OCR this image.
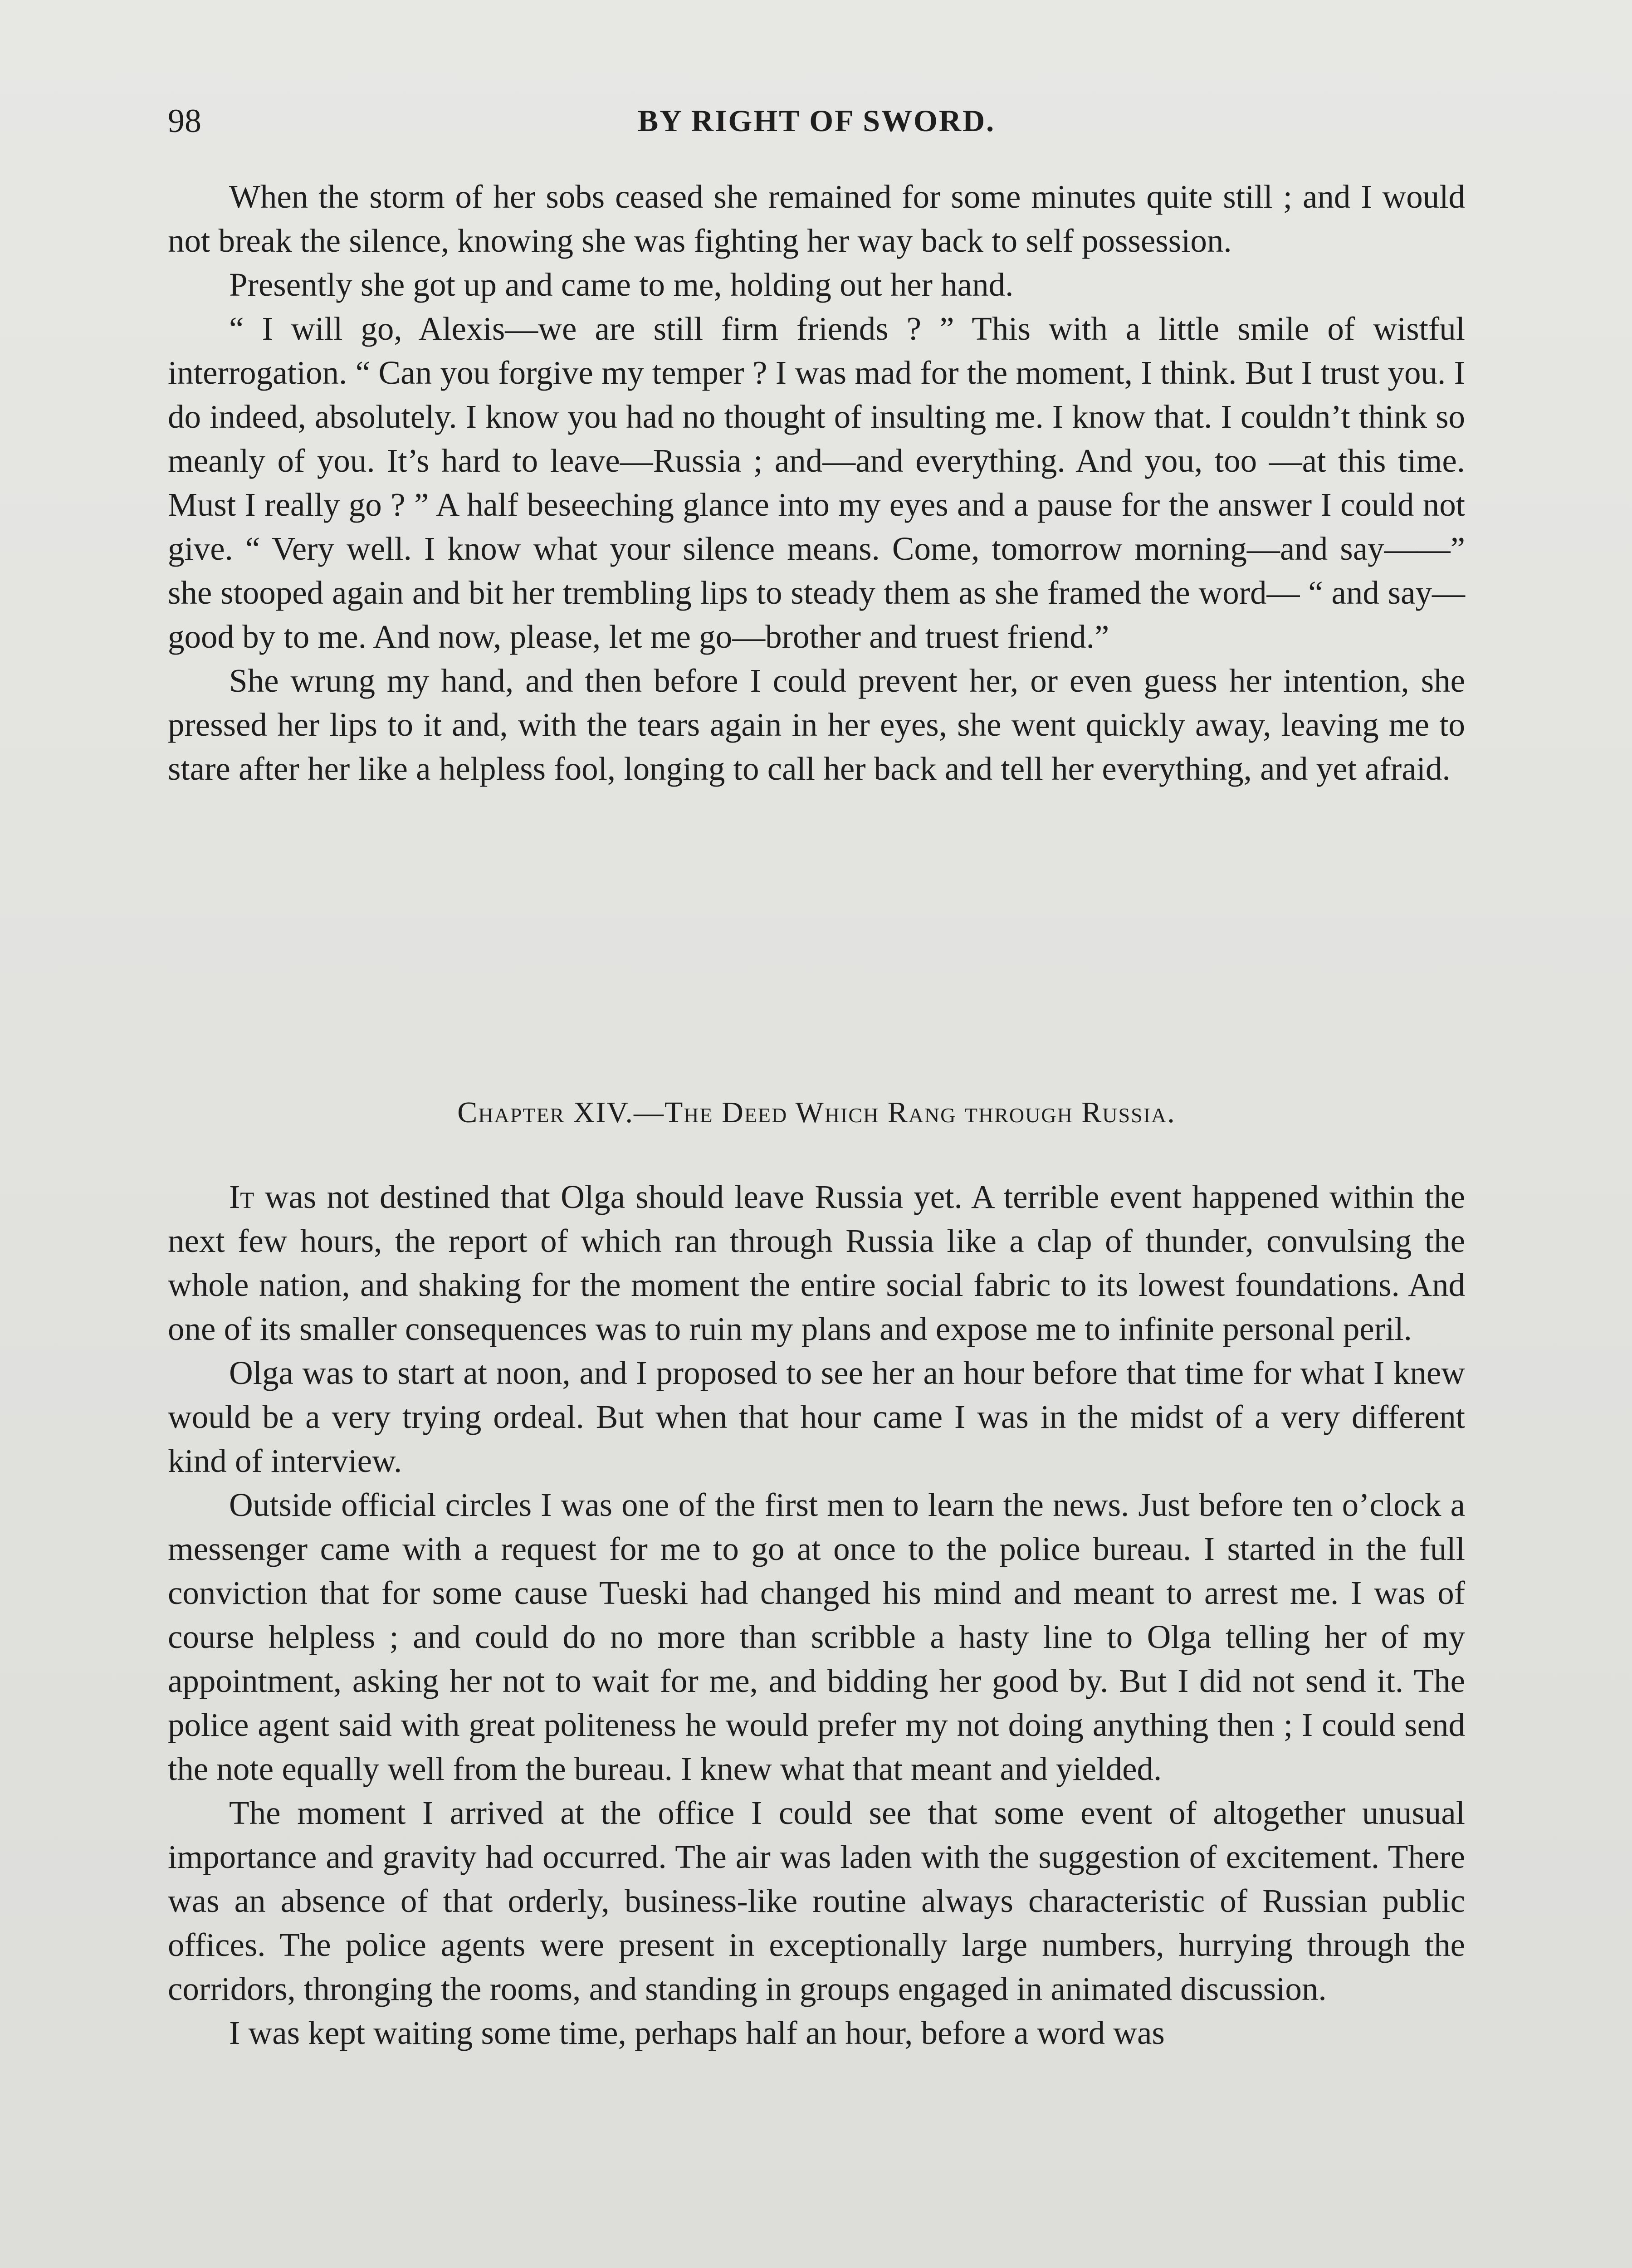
98	BY RIGHT OF SWORD.

When the storm of her sobs ceased she remained for some minutes quite still ; and I would not break the silence, knowing she was fighting her way back to self possession.

Presently she got up and came to me, holding out her hand.

“ I will go, Alexis—we are still firm friends ? ” This with a little smile of wistful interrogation. “ Can you forgive my temper ? I was mad for the moment, I think. But I trust you. I do indeed, absolutely. I know you had no thought of insulting me. I know that. I couldn’t think so meanly of you. It’s hard to leave—Russia ; and—and everything. And you, too —at this time. Must I really go ? ” A half beseeching glance into my eyes and a pause for the answer I could not give. “ Very well. I know what your silence means. Come, tomorrow morning—and say——” she stooped again and bit her trembling lips to steady them as she framed the word— “ and say—good by to me. And now, please, let me go—brother and truest friend.”

She wrung my hand, and then before I could prevent her, or even guess her intention, she pressed her lips to it and, with the tears again in her eyes, she went quickly away, leaving me to stare after her like a helpless fool, longing to call her back and tell her everything, and yet afraid.

Chapter XIV.—The Deed Which Rang through Russia.

It was not destined that Olga should leave Russia yet. A terrible event happened within the next few hours, the report of which ran through Russia like a clap of thunder, convulsing the whole nation, and shaking for the moment the entire social fabric to its lowest foundations. And one of its smaller consequences was to ruin my plans and expose me to infinite personal peril.

Olga was to start at noon, and I proposed to see her an hour before that time for what I knew would be a very trying ordeal. But when that hour came I was in the midst of a very different kind of interview.

Outside official circles I was one of the first men to learn the news. Just before ten o’clock a messenger came with a request for me to go at once to the police bureau. I started in the full conviction that for some cause Tueski had changed his mind and meant to arrest me. I was of course helpless ; and could do no more than scribble a hasty line to Olga telling her of my appointment, asking her not to wait for me, and bidding her good by. But I did not send it. The police agent said with great politeness he would prefer my not doing anything then ; I could send the note equally well from the bureau. I knew what that meant and yielded.

The moment I arrived at the office I could see that some event of altogether unusual importance and gravity had occurred. The air was laden with the suggestion of excitement. There was an absence of that orderly, business-like routine always characteristic of Russian public offices. The police agents were present in exceptionally large numbers, hurrying through the corridors, thronging the rooms, and standing in groups engaged in animated discussion.

I was kept waiting some time, perhaps half an hour, before a word was
